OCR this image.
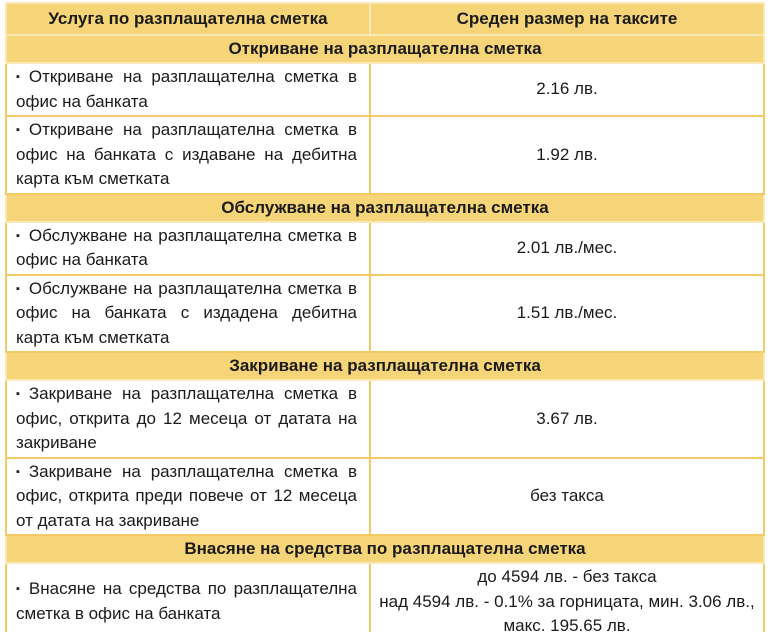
Услуга по разплащателна сметка	Среден размер на таксите
Откриване на разплащателна сметка	
▪ Откриване на разплащателна сметка в офис на банката	2.16 лв.

▪ Откриване на разплащателна сметка в офис на банката с издаване на дебитна карта към сметката	1.92 лв.

Обслужване на разплащателна сметка	
▪ Обслужване на разплащателна сметка в офис на банката	2.01 лв./мес.

▪ Обслужване на разплащателна сметка в офис на банката с издадена дебитна карта към сметката	1.51 лв./мес.

Закриване на разплащателна сметка	
▪ Закриване на разплащателна сметка в офис, открита до 12 месеца от датата на закриване	3.67 лв.

▪ Закриване на разплащателна сметка в офис, открита преди повече от 12 месеца от датата на закриване	без такса

Внасяне на средства по разплащателна сметка	
▪ Внасяне на средства по разплащателна сметка в офис на банката	до 4594 лв. - без такса
над 4594 лв. - 0.1% за горницата, мин. 3.06 лв.,
макс. 195.65 лв.
